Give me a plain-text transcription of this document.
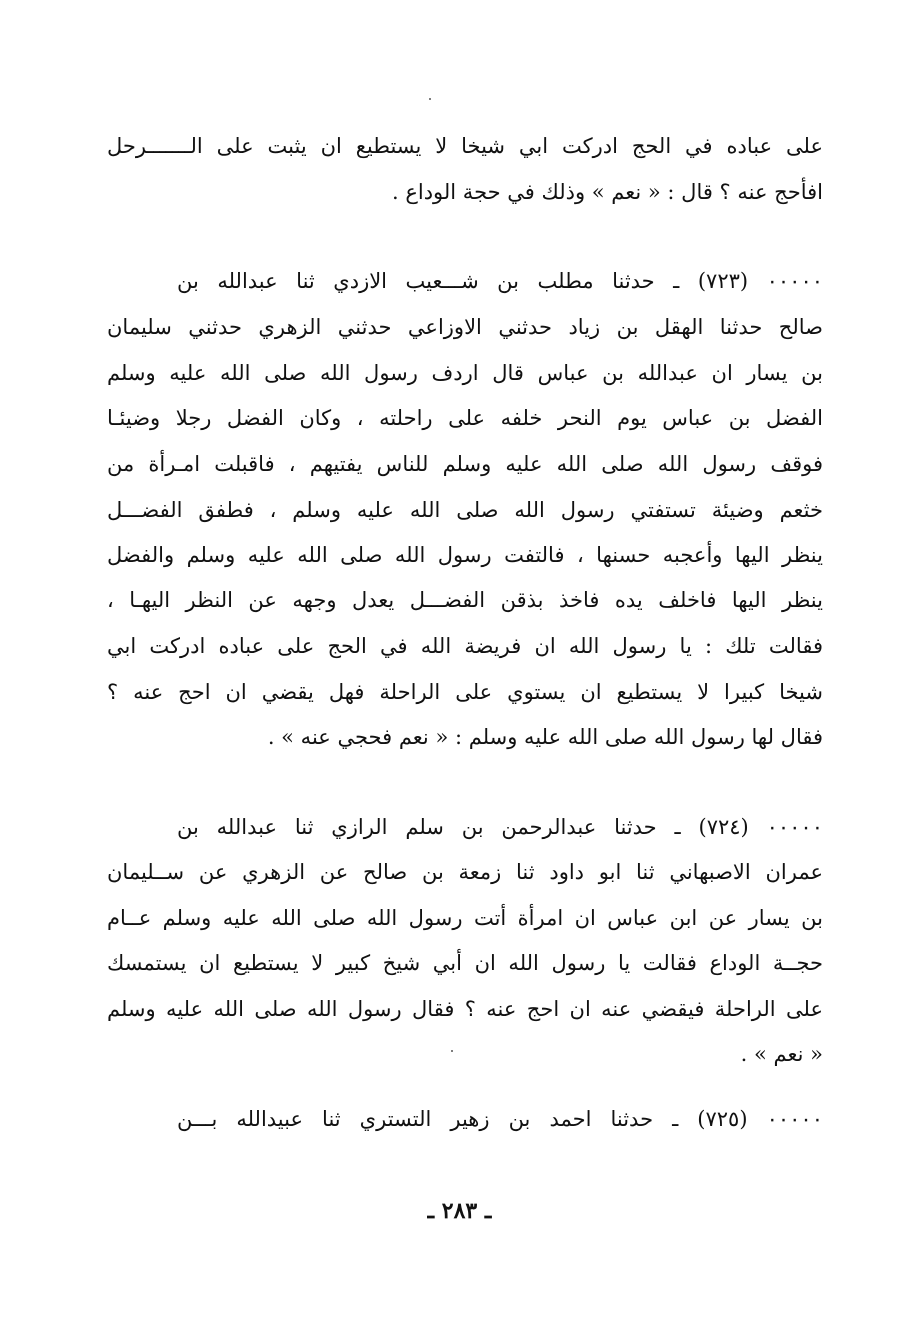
على عباده في الحج ادركت ابي شيخا لا يستطيع ان يثبت على الـــــــرحل
افأحج عنه ؟ قال : « نعم » وذلك في حجة الوداع .
٠٠٠٠٠ (٧٢٣) ـ حدثنا مطلب بن شـــعيب الازدي ثنا عبدالله بن
صالح حدثنا الهقل بن زياد حدثني الاوزاعي حدثني الزهري حدثني سليمان
بن يسار ان عبدالله بن عباس قال اردف رسول الله صلى الله عليه وسلم
الفضل بن عباس يوم النحر خلفه على راحلته ، وكان الفضل رجلا وضيئـا
فوقف رسول الله صلى الله عليه وسلم للناس يفتيهم ، فاقبلت امـرأة من
خثعم وضيئة تستفتي رسول الله صلى الله عليه وسلم ، فطفق الفضـــل
ينظر اليها وأعجبه حسنها ، فالتفت رسول الله صلى الله عليه وسلم والفضل
ينظر اليها فاخلف يده فاخذ بذقن الفضـــل يعدل وجهه عن النظر اليهـا ،
فقالت تلك : يا رسول الله ان فريضة الله في الحج على عباده ادركت ابي
شيخا كبيرا لا يستطيع ان يستوي على الراحلة فهل يقضي ان احج عنه ؟
فقال لها رسول الله صلى الله عليه وسلم : « نعم فحجي عنه » .
٠٠٠٠٠ (٧٢٤) ـ حدثنا عبدالرحمن بن سلم الرازي ثنا عبدالله بن
عمران الاصبهاني ثنا ابو داود ثنا زمعة بن صالح عن الزهري عن ســليمان
بن يسار عن ابن عباس ان امرأة أتت رسول الله صلى الله عليه وسلم عــام
حجــة الوداع فقالت يا رسول الله ان أبي شيخ كبير لا يستطيع ان يستمسك
على الراحلة فيقضي عنه ان احج عنه ؟ فقال رسول الله صلى الله عليه وسلم
« نعم » .
٠٠٠٠٠ (٧٢٥) ـ حدثنا احمد بن زهير التستري ثنا عبيدالله بـــن
ـ ٢٨٣ ـ
